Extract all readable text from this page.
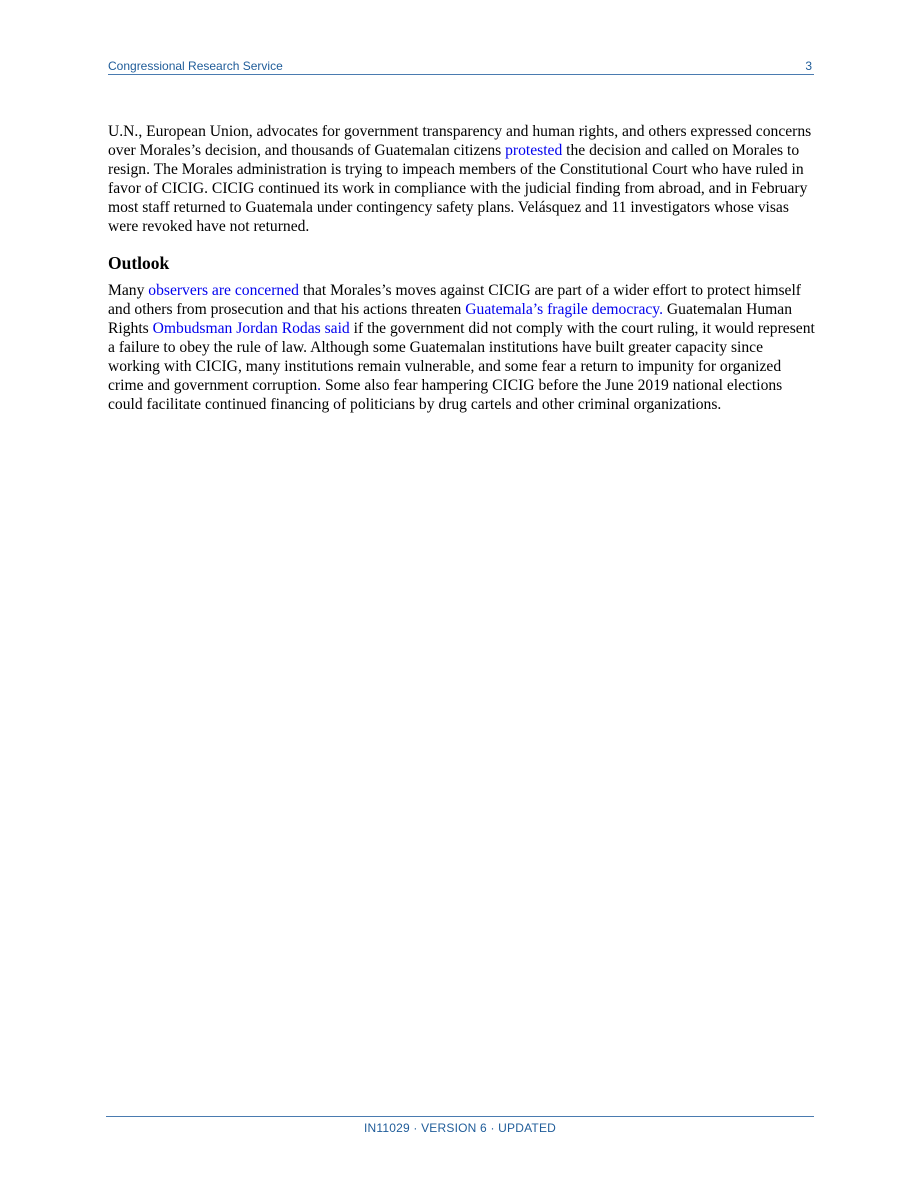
Congressional Research Service	3

U.N., European Union, advocates for government transparency and human rights, and others expressed concerns over Morales’s decision, and thousands of Guatemalan citizens protested the decision and called on Morales to resign. The Morales administration is trying to impeach members of the Constitutional Court who have ruled in favor of CICIG. CICIG continued its work in compliance with the judicial finding from abroad, and in February most staff returned to Guatemala under contingency safety plans. Velásquez and 11 investigators whose visas were revoked have not returned.

Outlook

Many observers are concerned that Morales’s moves against CICIG are part of a wider effort to protect himself and others from prosecution and that his actions threaten Guatemala’s fragile democracy. Guatemalan Human Rights Ombudsman Jordan Rodas said if the government did not comply with the court ruling, it would represent a failure to obey the rule of law. Although some Guatemalan institutions have built greater capacity since working with CICIG, many institutions remain vulnerable, and some fear a return to impunity for organized crime and government corruption. Some also fear hampering CICIG before the June 2019 national elections could facilitate continued financing of politicians by drug cartels and other criminal organizations.

IN11029 · VERSION 6 · UPDATED
